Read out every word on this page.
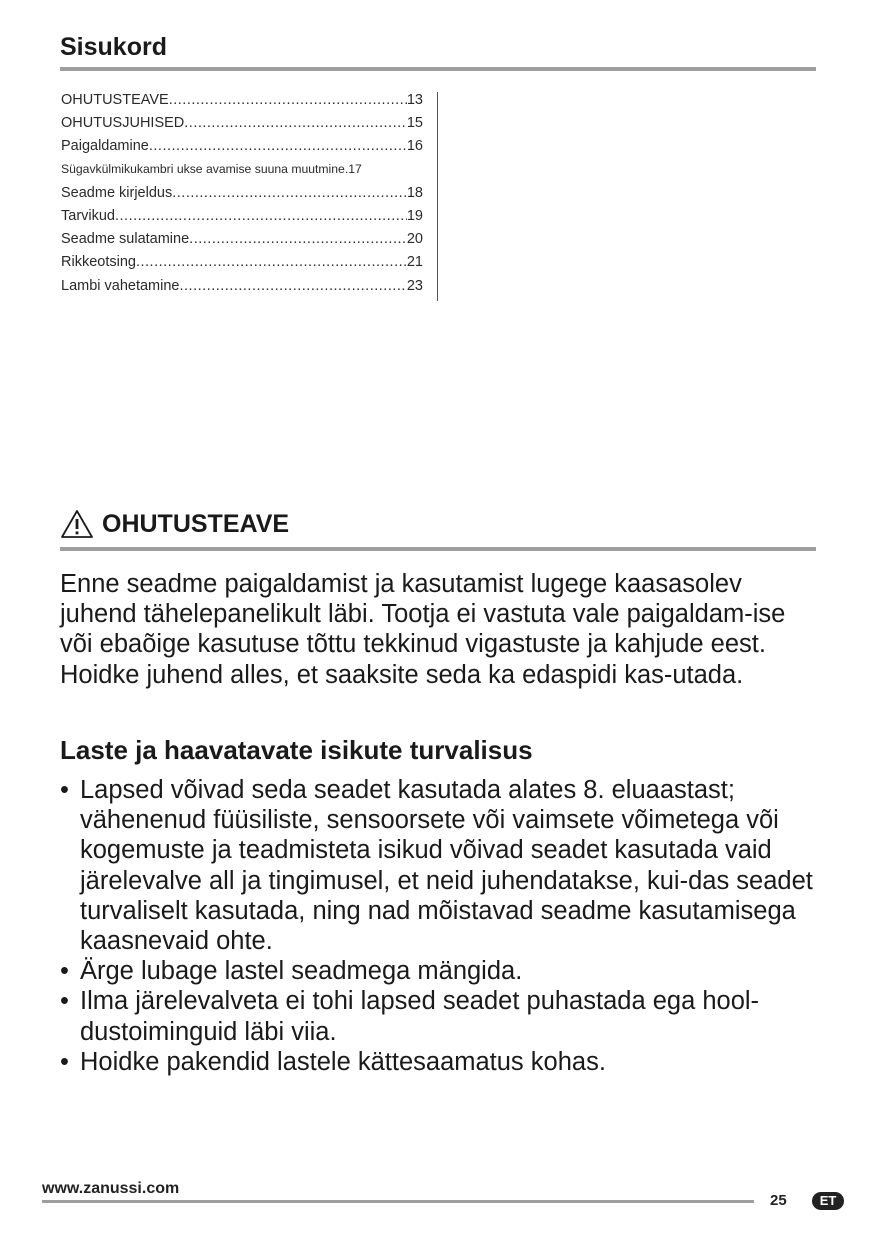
Sisukord
OHUTUSTEAVE .....	13
OHUTUSJUHISED .....	15
Paigaldamine .....	16
Sügavkülmikukambri ukse avamise suuna muutmine. 17
Seadme kirjeldus .....	18
Tarvikud .....	19
Seadme sulatamine .....	20
Rikkeotsing .....	21
Lambi vahetamine .....	23
OHUTUSTEAVE

Enne seadme paigaldamist ja kasutamist lugege kaasasolev juhend tähelepanelikult läbi. Tootja ei vastuta vale paigaldam-ise või ebaõige kasutuse tõttu tekkinud vigastuste ja kahjude eest. Hoidke juhend alles, et saaksite seda ka edaspidi kas-utada.

Laste ja haavatavate isikute turvalisus
• Lapsed võivad seda seadet kasutada alates 8. eluaastast; vähenenud füüsiliste, sensoorsete või vaimsete võimetega või kogemuste ja teadmisteta isikud võivad seadet kasutada vaid järelevalve all ja tingimusel, et neid juhendatakse, kui-das seadet turvaliselt kasutada, ning nad mõistavad seadme kasutamisega kaasnevaid ohte.
• Ärge lubage lastel seadmega mängida.
• Ilma järelevalveta ei tohi lapsed seadet puhastada ega hool-dustoiminguid läbi viia.
• Hoidke pakendid lastele kättesaamatus kohas.
www.zanussi.com
25	ET
